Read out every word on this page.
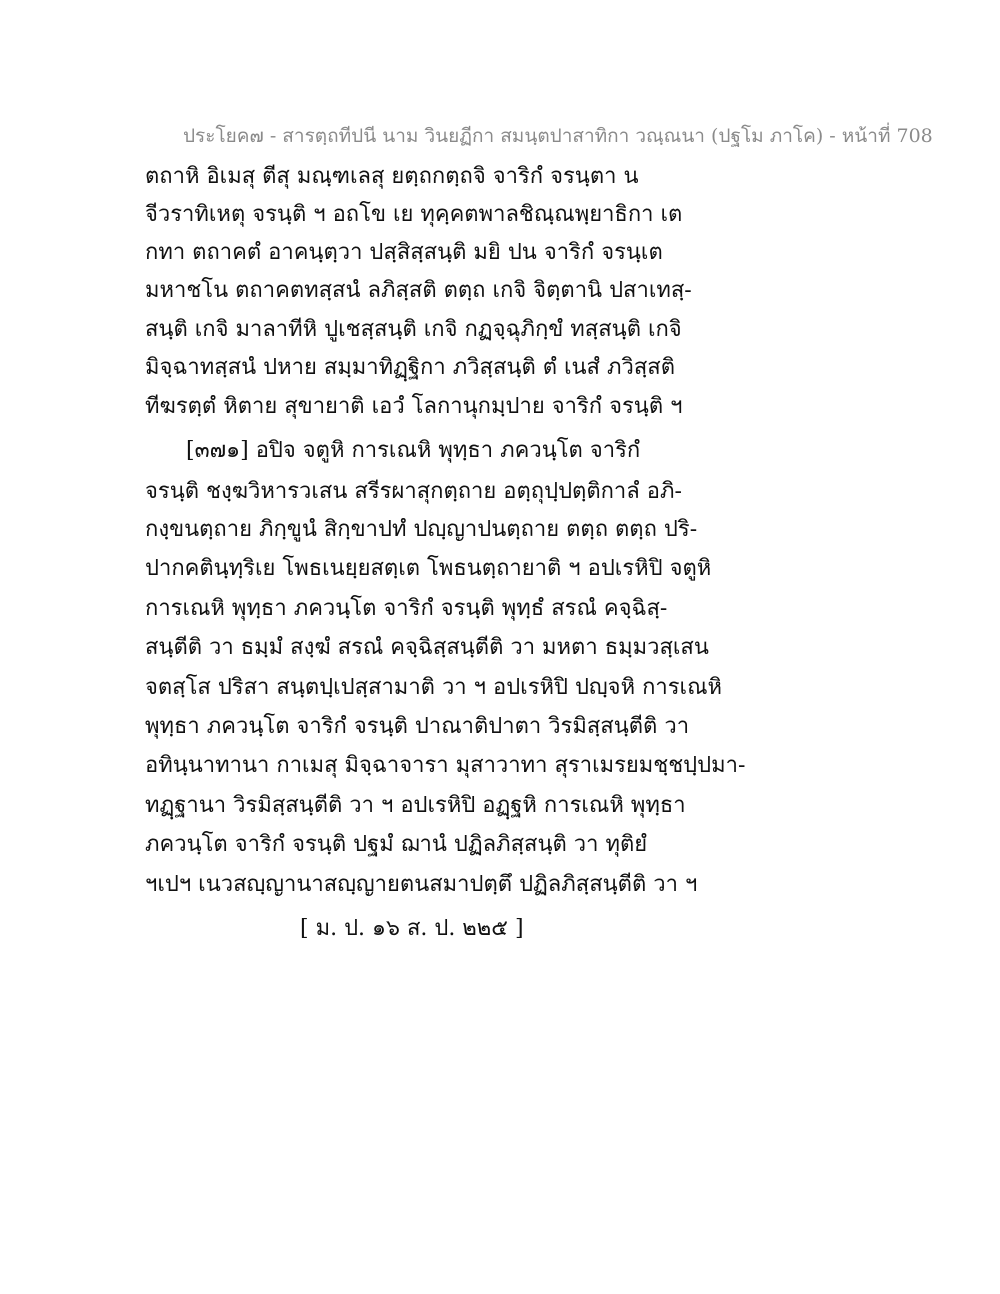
ประโยค๗ - สารตฺถทีปนี นาม วินยฏีกา สมนฺตปาสาทิกา วณฺณนา (ปฐโม ภาโค) - หน้าที่ 708
ตถาหิ อิเมสุ ตีสุ มณฺฑเลสุ ยตฺถกตฺถจิ จาริกํ จรนฺตา น
จีวราทิเหตุ จรนฺติ ฯ อถโข เย ทุคฺคตพาลชิณฺณพฺยาธิกา เต
กทา ตถาคตํ อาคนฺตฺวา ปสฺสิสฺสนฺติ มยิ ปน จาริกํ จรนฺเต
มหาชโน ตถาคตทสฺสนํ ลภิสฺสติ ตตฺถ เกจิ จิตฺตานิ ปสาเทสฺ-
สนฺติ เกจิ มาลาทีหิ ปูเชสฺสนฺติ เกจิ กฏจฺฉุภิกฺขํ ทสฺสนฺติ เกจิ
มิจฺฉาทสฺสนํ ปหาย สมฺมาทิฏฺฐิกา ภวิสฺสนฺติ ตํ เนสํ ภวิสฺสติ
ทีฆรตฺตํ หิตาย สุขายาติ เอวํ โลกานุกมฺปาย จาริกํ จรนฺติ ฯ
[๓๗๑] อปิจ จตูหิ การเณหิ พุทฺธา ภควนฺโต จาริกํ
จรนฺติ ชงฺฆวิหารวเสน สรีรผาสุกตฺถาย อตฺถุปฺปตฺติกาลํ อภิ-
กงฺขนตฺถาย ภิกฺขูนํ สิกฺขาปทํ ปญฺญาปนตฺถาย ตตฺถ ตตฺถ ปริ-
ปากคตินฺทฺริเย โพธเนยฺยสตฺเต โพธนตฺถายาติ ฯ อปเรหิปิ จตูหิ
การเณหิ พุทฺธา ภควนฺโต จาริกํ จรนฺติ พุทฺธํ สรณํ คจฺฉิสฺ-
สนฺตีติ วา ธมฺมํ สงฺฆํ สรณํ คจฺฉิสฺสนฺตีติ วา มหตา ธมฺมวสฺเสน
จตสฺโส ปริสา สนฺตปฺเปสฺสามาติ วา ฯ อปเรหิปิ ปญฺจหิ การเณหิ
พุทฺธา ภควนฺโต จาริกํ จรนฺติ ปาณาติปาตา วิรมิสฺสนฺตีติ วา
อทินฺนาทานา กาเมสุ มิจฺฉาจารา มุสาวาทา สุราเมรยมชฺชปฺปมา-
ทฏฺฐานา วิรมิสฺสนฺตีติ วา ฯ อปเรหิปิ อฏฺฐหิ การเณหิ พุทฺธา
ภควนฺโต จาริกํ จรนฺติ ปฐมํ ฌานํ ปฏิลภิสฺสนฺติ วา ทุติยํ
ฯเปฯ เนวสญฺญานาสญฺญายตนสมาปตฺตึ ปฏิลภิสฺสนฺตีติ วา ฯ
[ ม. ป. ๑๖ ส. ป. ๒๒๕ ]
